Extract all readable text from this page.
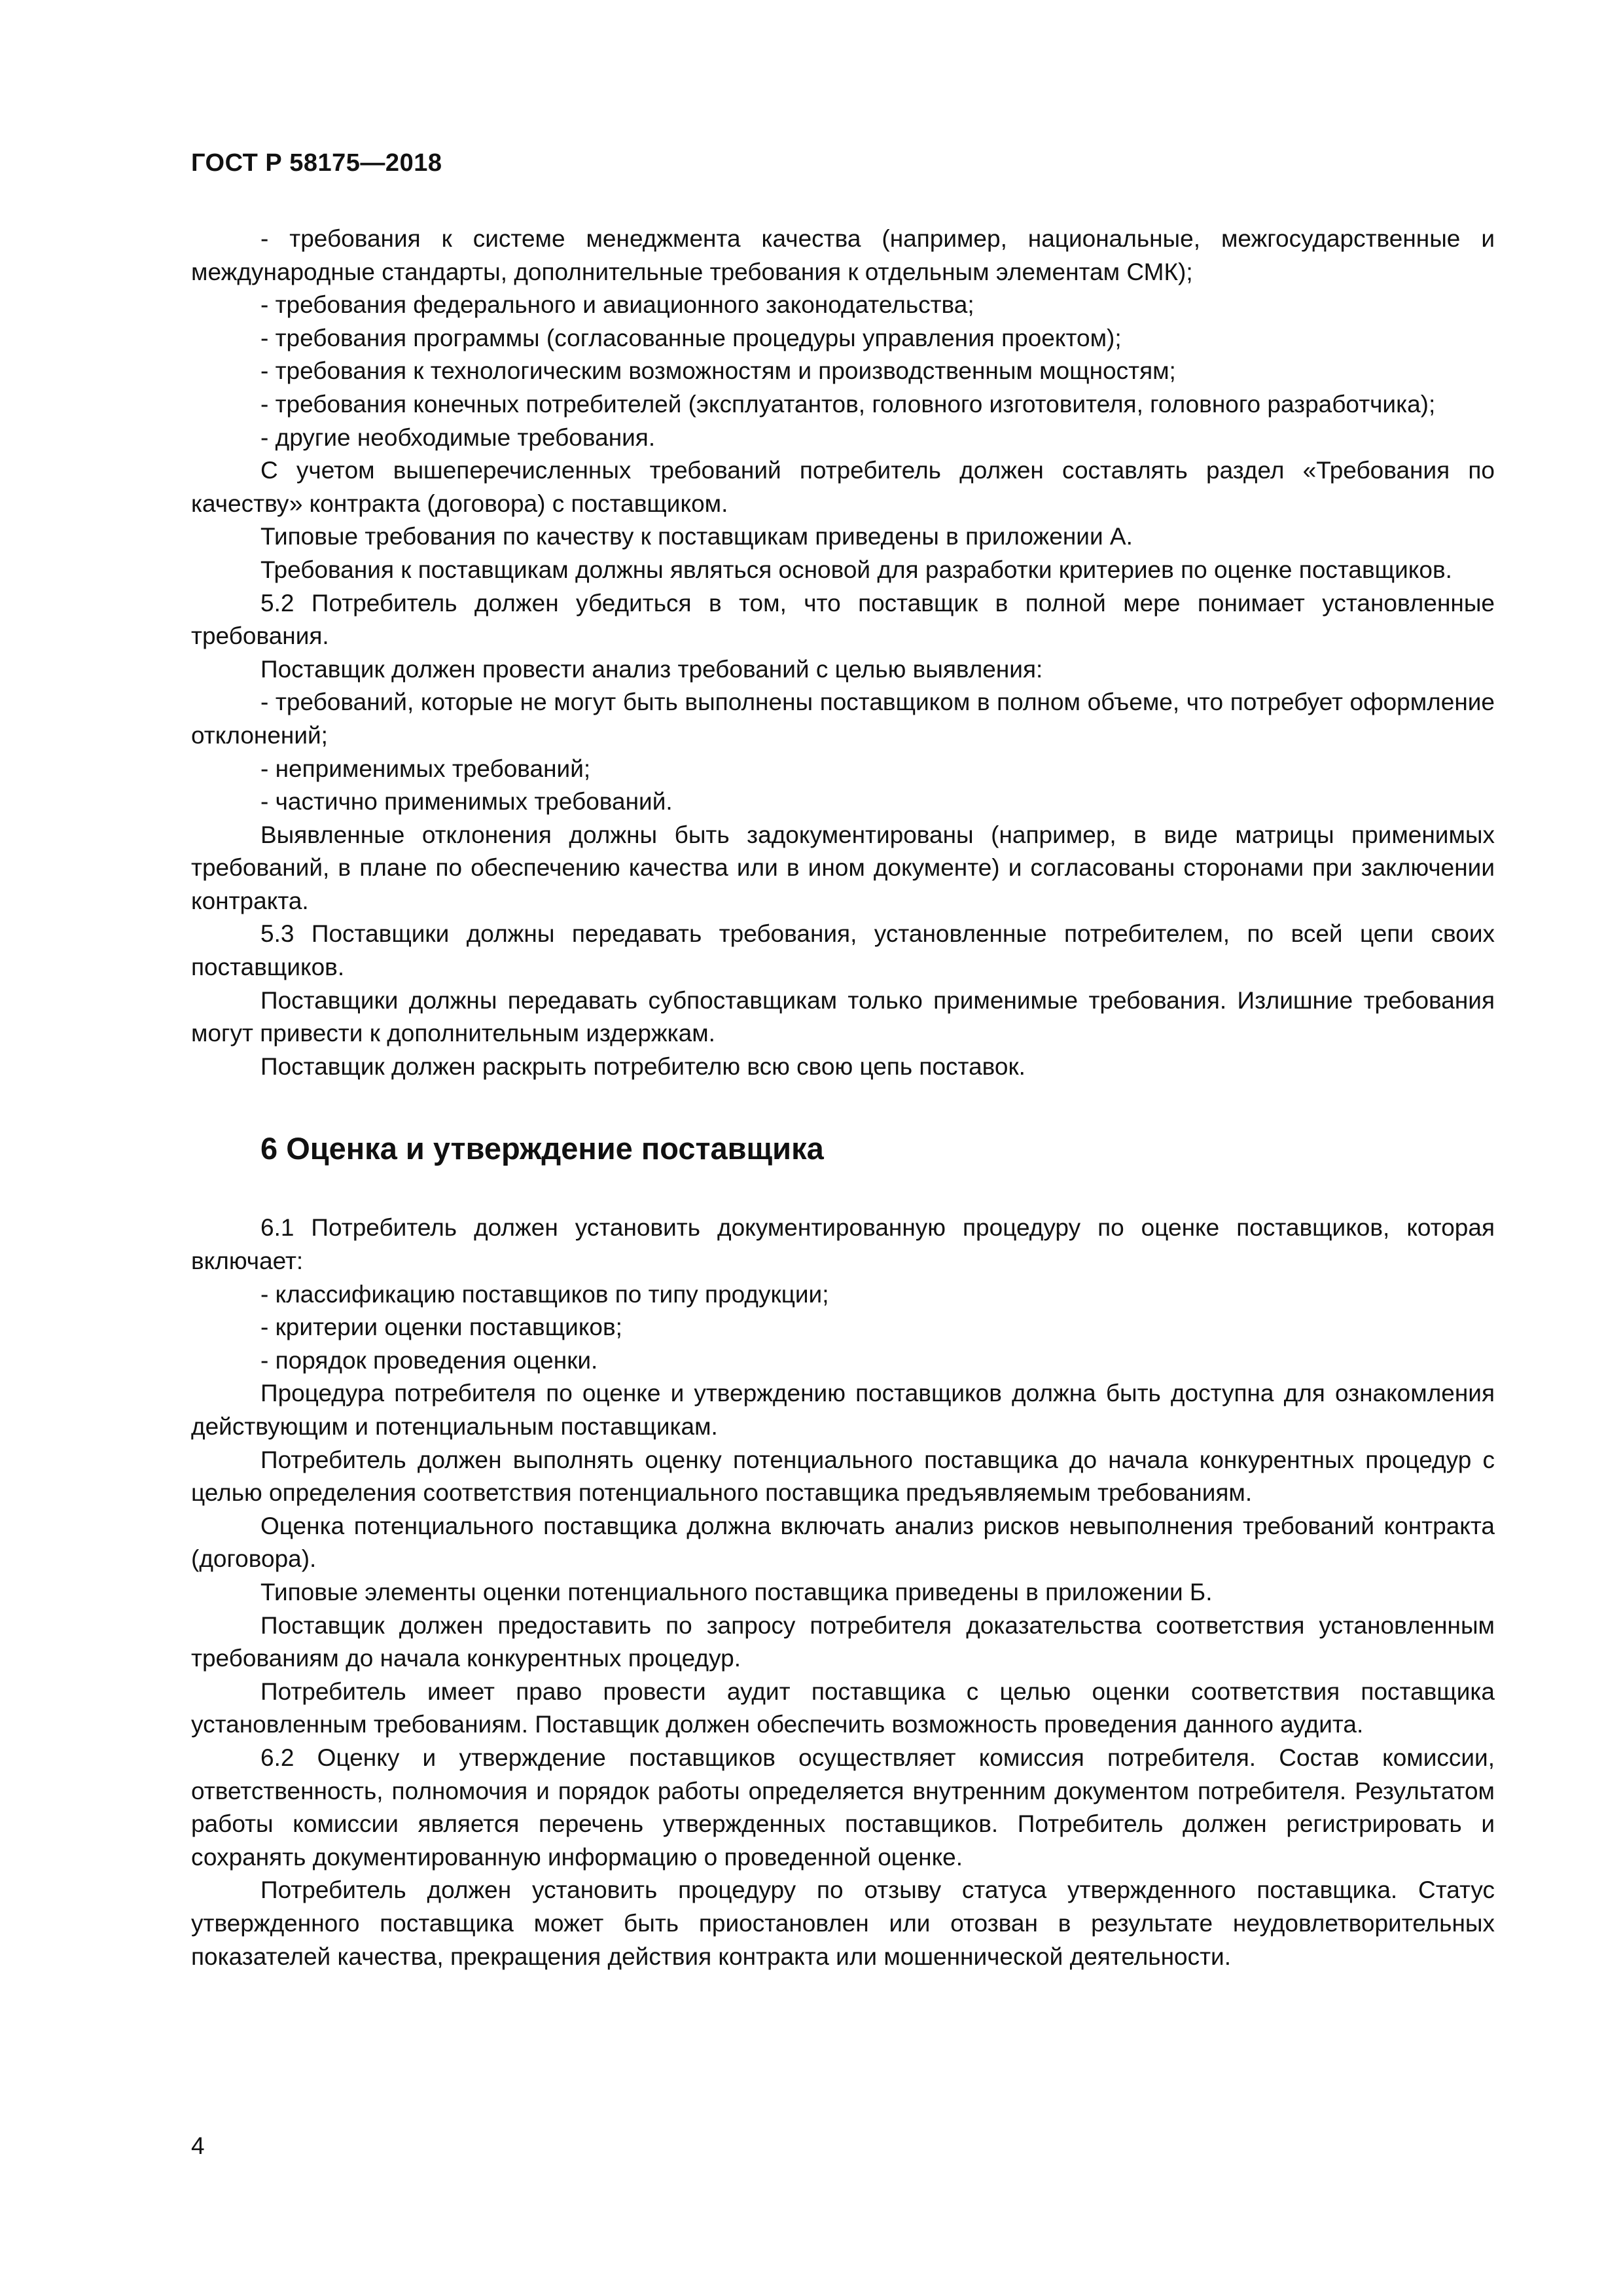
ГОСТ Р 58175—2018

- требования к системе менеджмента качества (например, национальные, межгосударственные и международные стандарты, дополнительные требования к отдельным элементам СМК);

- требования федерального и авиационного законодательства;

- требования программы (согласованные процедуры управления проектом);

- требования к технологическим возможностям и производственным мощностям;

- требования конечных потребителей (эксплуатантов, головного изготовителя, головного разработчика);

- другие необходимые требования.

С учетом вышеперечисленных требований потребитель должен составлять раздел «Требования по качеству» контракта (договора) с поставщиком.

Типовые требования по качеству к поставщикам приведены в приложении А.

Требования к поставщикам должны являться основой для разработки критериев по оценке поставщиков.

5.2 Потребитель должен убедиться в том, что поставщик в полной мере понимает установленные требования.

Поставщик должен провести анализ требований с целью выявления:

- требований, которые не могут быть выполнены поставщиком в полном объеме, что потребует оформление отклонений;

- неприменимых требований;

- частично применимых требований.

Выявленные отклонения должны быть задокументированы (например, в виде матрицы применимых требований, в плане по обеспечению качества или в ином документе) и согласованы сторонами при заключении контракта.

5.3 Поставщики должны передавать требования, установленные потребителем, по всей цепи своих поставщиков.

Поставщики должны передавать субпоставщикам только применимые требования. Излишние требования могут привести к дополнительным издержкам.

Поставщик должен раскрыть потребителю всю свою цепь поставок.

6 Оценка и утверждение поставщика

6.1 Потребитель должен установить документированную процедуру по оценке поставщиков, которая включает:

- классификацию поставщиков по типу продукции;

- критерии оценки поставщиков;

- порядок проведения оценки.

Процедура потребителя по оценке и утверждению поставщиков должна быть доступна для ознакомления действующим и потенциальным поставщикам.

Потребитель должен выполнять оценку потенциального поставщика до начала конкурентных процедур с целью определения соответствия потенциального поставщика предъявляемым требованиям.

Оценка потенциального поставщика должна включать анализ рисков невыполнения требований контракта (договора).

Типовые элементы оценки потенциального поставщика приведены в приложении Б.

Поставщик должен предоставить по запросу потребителя доказательства соответствия установленным требованиям до начала конкурентных процедур.

Потребитель имеет право провести аудит поставщика с целью оценки соответствия поставщика установленным требованиям. Поставщик должен обеспечить возможность проведения данного аудита.

6.2 Оценку и утверждение поставщиков осуществляет комиссия потребителя. Состав комиссии, ответственность, полномочия и порядок работы определяется внутренним документом потребителя. Результатом работы комиссии является перечень утвержденных поставщиков. Потребитель должен регистрировать и сохранять документированную информацию о проведенной оценке.

Потребитель должен установить процедуру по отзыву статуса утвержденного поставщика. Статус утвержденного поставщика может быть приостановлен или отозван в результате неудовлетворительных показателей качества, прекращения действия контракта или мошеннической деятельности.

4
